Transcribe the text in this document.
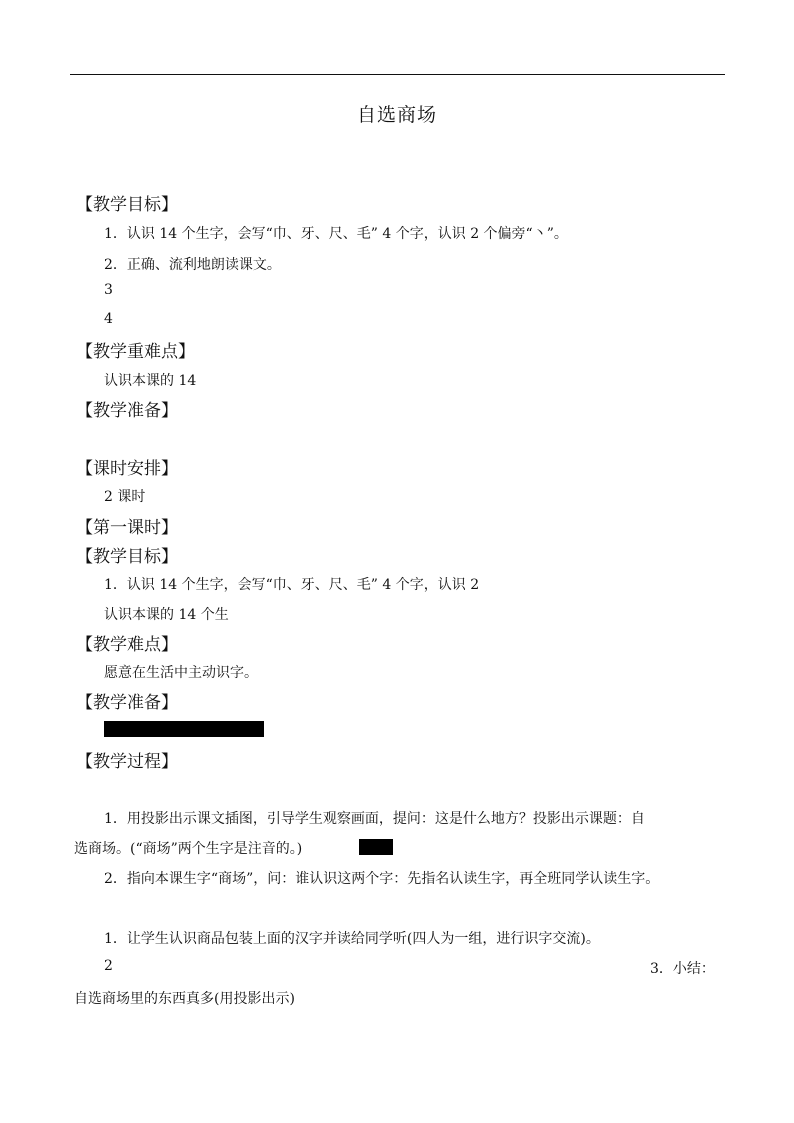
自选商场
【教学目标】
1．认识 14 个生字，会写“巾、牙、尺、毛” 4 个字，认识 2 个偏旁“丶”。
2．正确、流利地朗读课文。
3
4
【教学重难点】
认识本课的 14
【教学准备】
【课时安排】
2 课时
【第一课时】
【教学目标】
1．认识 14 个生字，会写“巾、牙、尺、毛” 4 个字，认识 2
认识本课的 14 个生
【教学难点】
愿意在生活中主动识字。
【教学准备】
【教学过程】
1．用投影出示课文插图，引导学生观察画面，提问：这是什么地方？投影出示课题：自
选商场。(“商场”两个生字是注音的。)
2．指向本课生字“商场”，问：谁认识这两个字：先指名认读生字，再全班同学认读生字。
1．让学生认识商品包装上面的汉字并读给同学听(四人为一组，进行识字交流)。
2	3．小结：
自选商场里的东西真多(用投影出示)
